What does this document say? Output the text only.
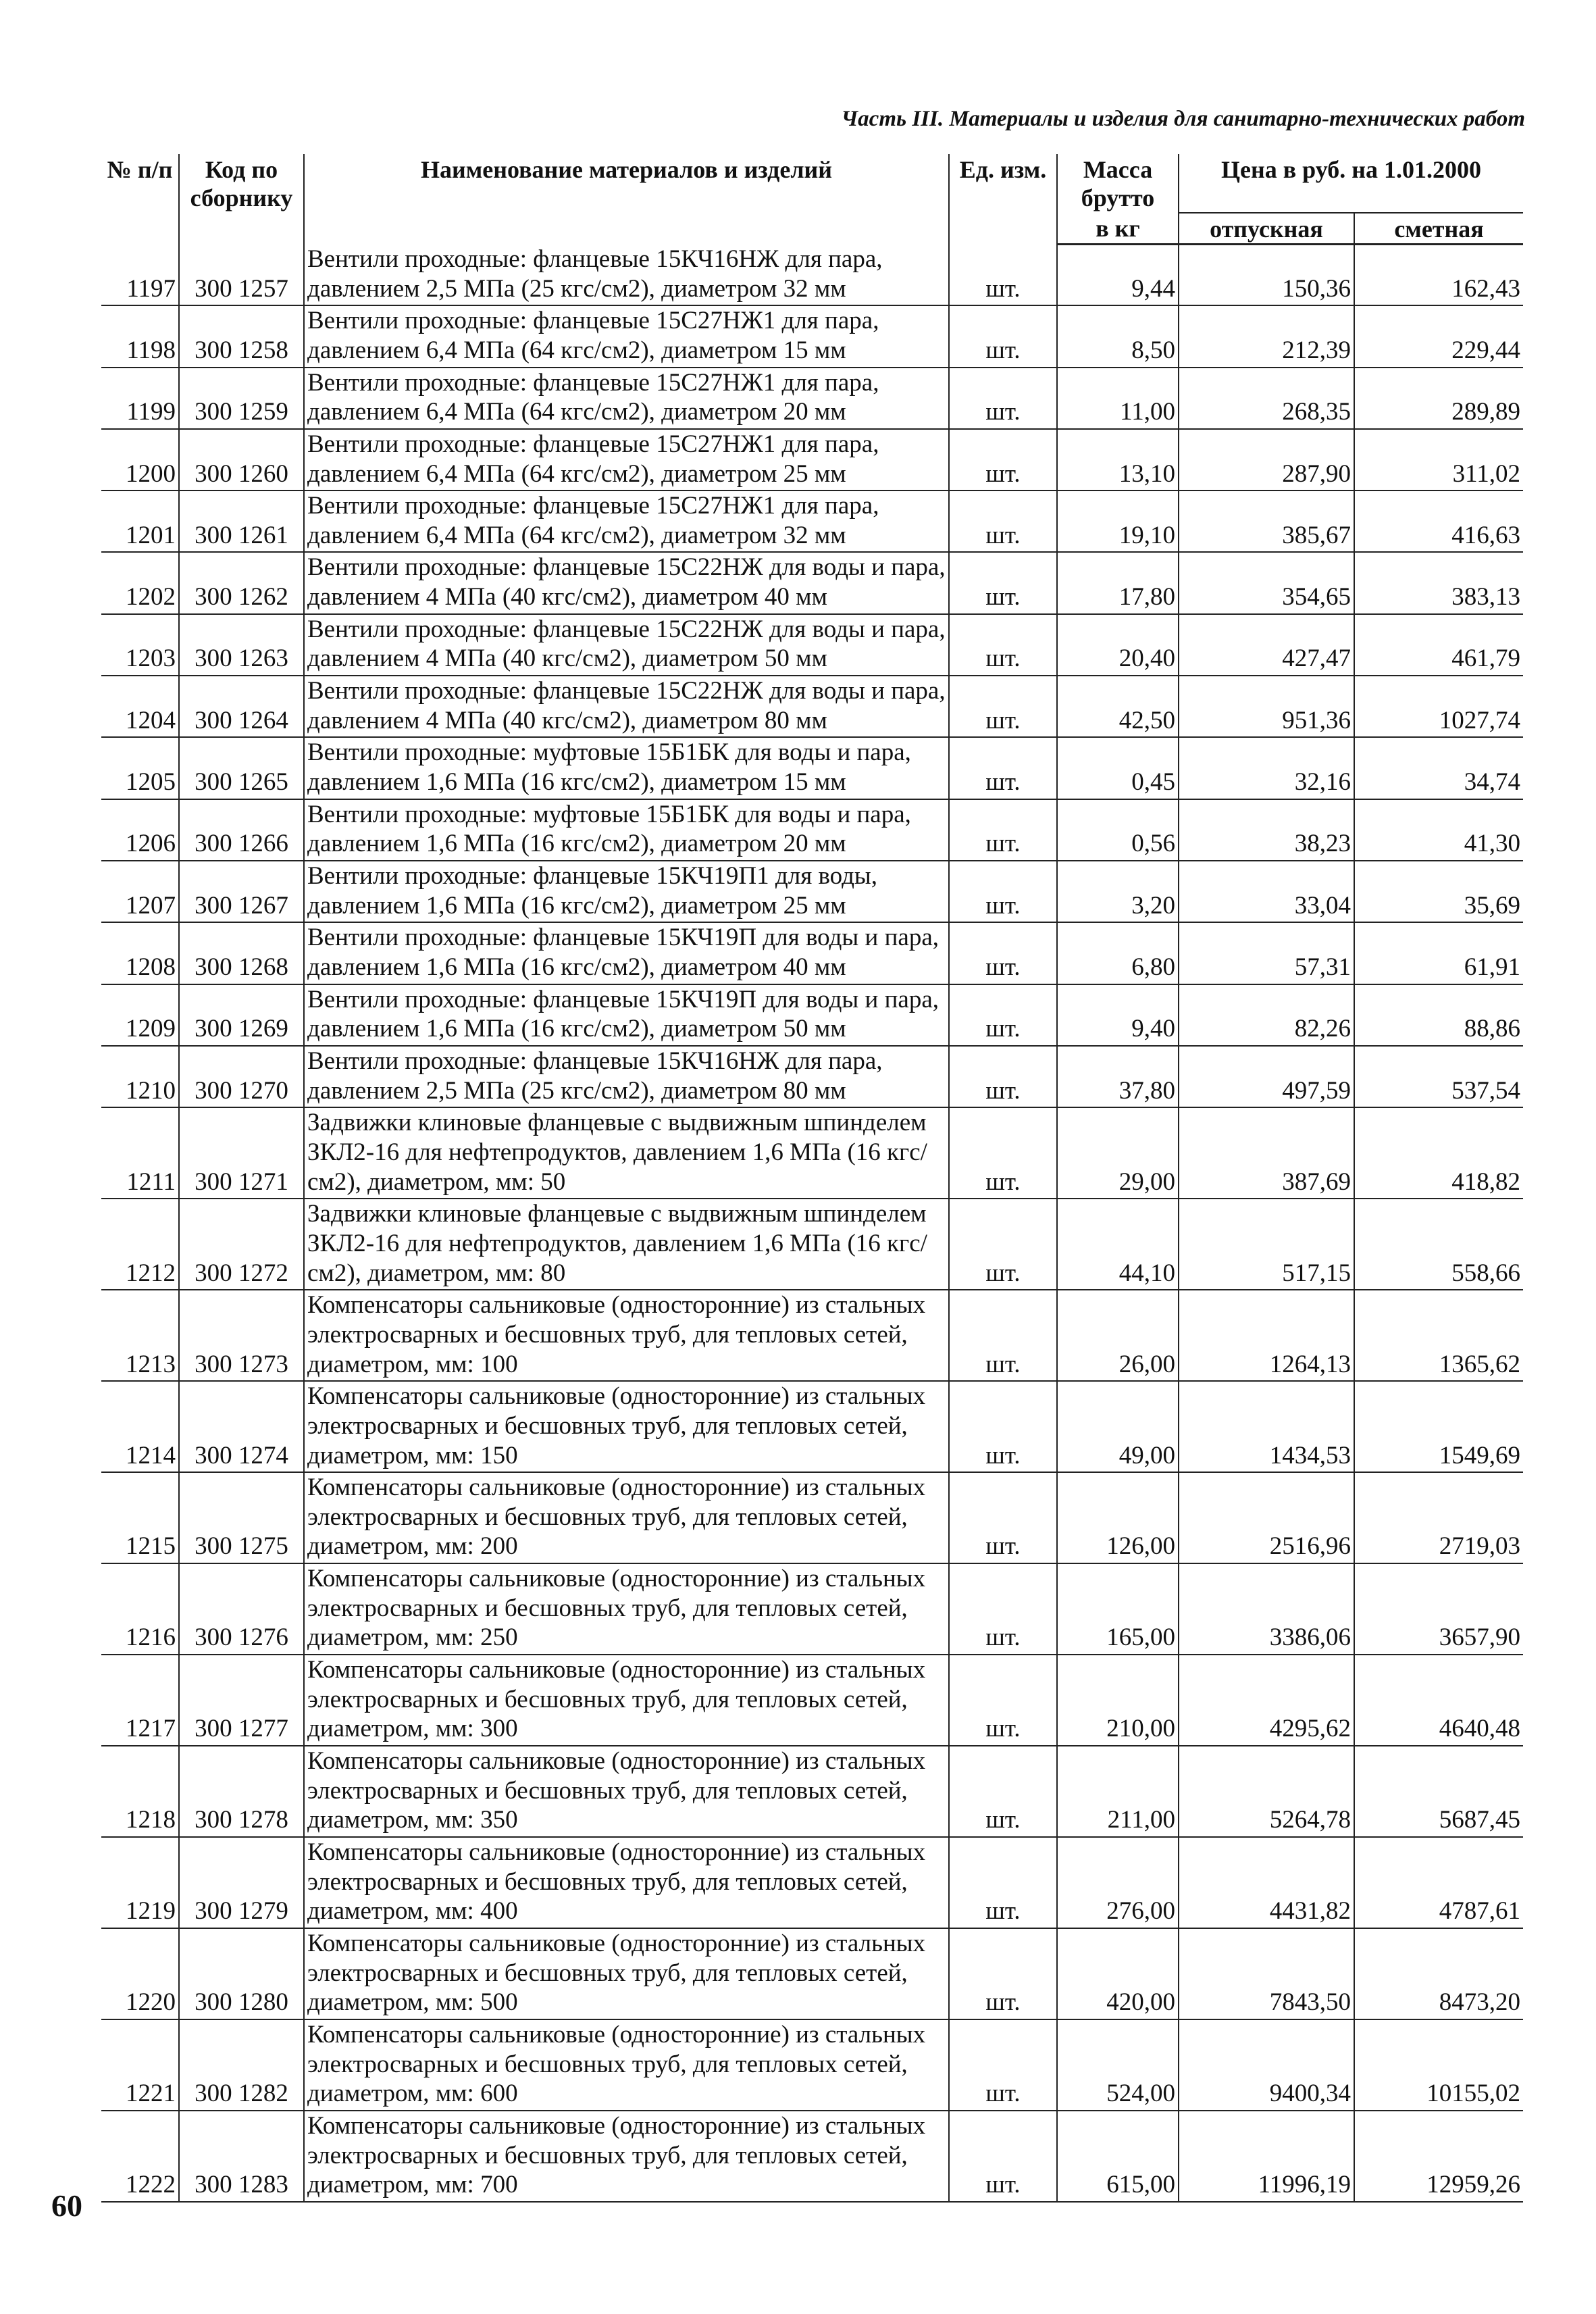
Часть III. Материалы и изделия для санитарно-технических работ
№ п/п	Код по сборнику	Наименование материалов и изделий	Ед. изм.	Масса брутто	Цена в руб. на 1.01.2000	
				в кг	отпускная	сметная
1197	300 1257	Вентили проходные: фланцевые 15КЧ16НЖ для пара, давлением 2,5 МПа (25 кгс/см2), диаметром 32 мм	шт.	9,44	150,36	162,43
1198	300 1258	Вентили проходные: фланцевые 15С27НЖ1 для пара, давлением 6,4 МПа (64 кгс/см2), диаметром 15 мм	шт.	8,50	212,39	229,44
1199	300 1259	Вентили проходные: фланцевые 15С27НЖ1 для пара, давлением 6,4 МПа (64 кгс/см2), диаметром 20 мм	шт.	11,00	268,35	289,89
1200	300 1260	Вентили проходные: фланцевые 15С27НЖ1 для пара, давлением 6,4 МПа (64 кгс/см2), диаметром 25 мм	шт.	13,10	287,90	311,02
1201	300 1261	Вентили проходные: фланцевые 15С27НЖ1 для пара, давлением 6,4 МПа (64 кгс/см2), диаметром 32 мм	шт.	19,10	385,67	416,63
1202	300 1262	Вентили проходные: фланцевые 15С22НЖ для воды и пара, давлением 4 МПа (40 кгс/см2), диаметром 40 мм	шт.	17,80	354,65	383,13
1203	300 1263	Вентили проходные: фланцевые 15С22НЖ для воды и пара, давлением 4 МПа (40 кгс/см2), диаметром 50 мм	шт.	20,40	427,47	461,79
1204	300 1264	Вентили проходные: фланцевые 15С22НЖ для воды и пара, давлением 4 МПа (40 кгс/см2), диаметром 80 мм	шт.	42,50	951,36	1027,74
1205	300 1265	Вентили проходные: муфтовые 15Б1БК для воды и пара, давлением 1,6 МПа (16 кгс/см2), диаметром 15 мм	шт.	0,45	32,16	34,74
1206	300 1266	Вентили проходные: муфтовые 15Б1БК для воды и пара, давлением 1,6 МПа (16 кгс/см2), диаметром 20 мм	шт.	0,56	38,23	41,30
1207	300 1267	Вентили проходные: фланцевые 15КЧ19П1 для воды, давлением 1,6 МПа (16 кгс/см2), диаметром 25 мм	шт.	3,20	33,04	35,69
1208	300 1268	Вентили проходные: фланцевые 15КЧ19П для воды и пара, давлением 1,6 МПа (16 кгс/см2), диаметром 40 мм	шт.	6,80	57,31	61,91
1209	300 1269	Вентили проходные: фланцевые 15КЧ19П для воды и пара, давлением 1,6 МПа (16 кгс/см2), диаметром 50 мм	шт.	9,40	82,26	88,86
1210	300 1270	Вентили проходные: фланцевые 15КЧ16НЖ для пара, давлением 2,5 МПа (25 кгс/см2), диаметром 80 мм	шт.	37,80	497,59	537,54
1211	300 1271	Задвижки клиновые фланцевые с выдвижным шпинделем ЗКЛ2-16 для нефтепродуктов, давлением 1,6 МПа (16 кгс/см2), диаметром, мм: 50	шт.	29,00	387,69	418,82
1212	300 1272	Задвижки клиновые фланцевые с выдвижным шпинделем ЗКЛ2-16 для нефтепродуктов, давлением 1,6 МПа (16 кгс/см2), диаметром, мм: 80	шт.	44,10	517,15	558,66
1213	300 1273	Компенсаторы сальниковые (односторонние) из стальных электросварных и бесшовных труб, для тепловых сетей, диаметром, мм: 100	шт.	26,00	1264,13	1365,62
1214	300 1274	Компенсаторы сальниковые (односторонние) из стальных электросварных и бесшовных труб, для тепловых сетей, диаметром, мм: 150	шт.	49,00	1434,53	1549,69
1215	300 1275	Компенсаторы сальниковые (односторонние) из стальных электросварных и бесшовных труб, для тепловых сетей, диаметром, мм: 200	шт.	126,00	2516,96	2719,03
1216	300 1276	Компенсаторы сальниковые (односторонние) из стальных электросварных и бесшовных труб, для тепловых сетей, диаметром, мм: 250	шт.	165,00	3386,06	3657,90
1217	300 1277	Компенсаторы сальниковые (односторонние) из стальных электросварных и бесшовных труб, для тепловых сетей, диаметром, мм: 300	шт.	210,00	4295,62	4640,48
1218	300 1278	Компенсаторы сальниковые (односторонние) из стальных электросварных и бесшовных труб, для тепловых сетей, диаметром, мм: 350	шт.	211,00	5264,78	5687,45
1219	300 1279	Компенсаторы сальниковые (односторонние) из стальных электросварных и бесшовных труб, для тепловых сетей, диаметром, мм: 400	шт.	276,00	4431,82	4787,61
1220	300 1280	Компенсаторы сальниковые (односторонние) из стальных электросварных и бесшовных труб, для тепловых сетей, диаметром, мм: 500	шт.	420,00	7843,50	8473,20
1221	300 1282	Компенсаторы сальниковые (односторонние) из стальных электросварных и бесшовных труб, для тепловых сетей, диаметром, мм: 600	шт.	524,00	9400,34	10155,02
1222	300 1283	Компенсаторы сальниковые (односторонние) из стальных электросварных и бесшовных труб, для тепловых сетей, диаметром, мм: 700	шт.	615,00	11996,19	12959,26
60
